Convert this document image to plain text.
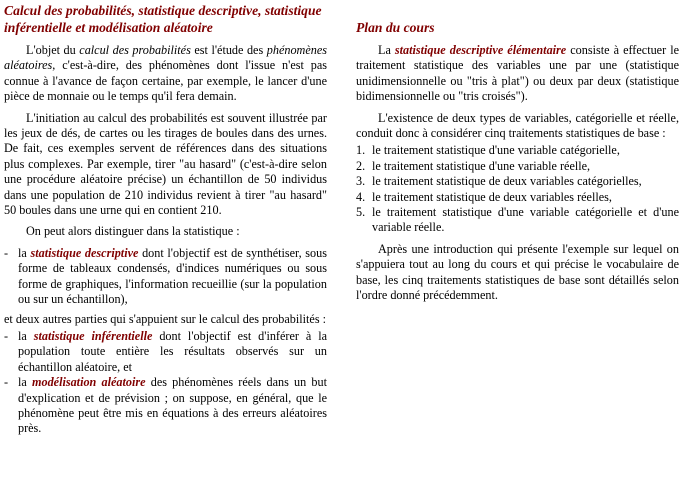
Calcul des probabilités, statistique descriptive, statistique inférentielle et modélisation aléatoire

L'objet du calcul des probabilités est l'étude des phénomènes aléatoires, c'est-à-dire, des phénomènes dont l'issue n'est pas connue à l'avance de façon certaine, par exemple, le lancer d'une pièce de monnaie ou le temps qu'il fera demain.

L'initiation au calcul des probabilités est souvent illustrée par les jeux de dés, de cartes ou les tirages de boules dans des urnes. De fait, ces exemples servent de références dans des situations plus complexes. Par exemple, tirer "au hasard" (c'est-à-dire selon une procédure aléatoire précise) un échantillon de 50 individus dans une population de 210 individus revient à tirer "au hasard" 50 boules dans une urne qui en contient 210.

On peut alors distinguer dans la statistique :

- la statistique descriptive dont l'objectif est de synthétiser, sous forme de tableaux condensés, d'indices numériques ou sous forme de graphiques, l'information recueillie (sur la population ou sur un échantillon),

et deux autres parties qui s'appuient sur le calcul des probabilités :

- la statistique inférentielle dont l'objectif est d'inférer à la population toute entière les résultats observés sur un échantillon aléatoire, et
- la modélisation aléatoire des phénomènes réels dans un but d'explication et de prévision ; on suppose, en général, que le phénomène peut être mis en équations à des erreurs aléatoires près.
Plan du cours

La statistique descriptive élémentaire consiste à effectuer le traitement statistique des variables une par une (statistique unidimensionnelle ou "tris à plat") ou deux par deux (statistique bidimensionnelle ou "tris croisés").

L'existence de deux types de variables, catégorielle et réelle, conduit donc à considérer cinq traitements statistiques de base :

1. le traitement statistique d'une variable catégorielle,
2. le traitement statistique d'une variable réelle,
3. le traitement statistique de deux variables catégorielles,
4. le traitement statistique de deux variables réelles,
5. le traitement statistique d'une variable catégorielle et d'une variable réelle.

Après une introduction qui présente l'exemple sur lequel on s'appuiera tout au long du cours et qui précise le vocabulaire de base, les cinq traitements statistiques de base sont détaillés selon l'ordre donné précédemment.
